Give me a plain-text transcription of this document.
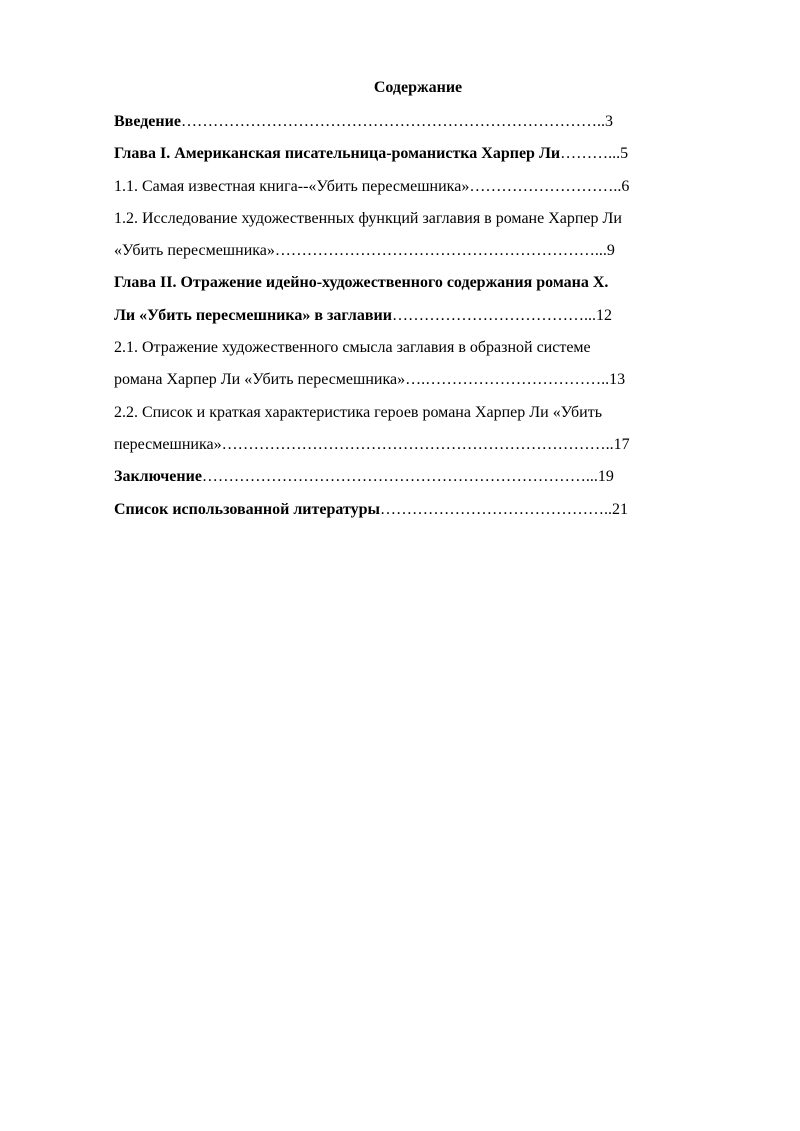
Содержание
Введение……………………………………………………………………..3
Глава I. Американская писательница-романистка Харпер Ли………...5
1.1. Самая известная книга--«Убить пересмешника»………………………..6
1.2. Исследование художественных функций заглавия в романе Харпер Ли
«Убить пересмешника»……………………………………………………...9
Глава II. Отражение идейно-художественного содержания романа Х.
Ли «Убить пересмешника» в заглавии………………………………...12
2.1. Отражение художественного смысла заглавия в образной системе
романа Харпер Ли «Убить пересмешника»….……………………………..13
2.2. Список и краткая характеристика героев романа Харпер Ли «Убить
пересмешника»………………………………………………………………..17
Заключение………………………………………………………………...19
Список использованной литературы……………………………………..21
